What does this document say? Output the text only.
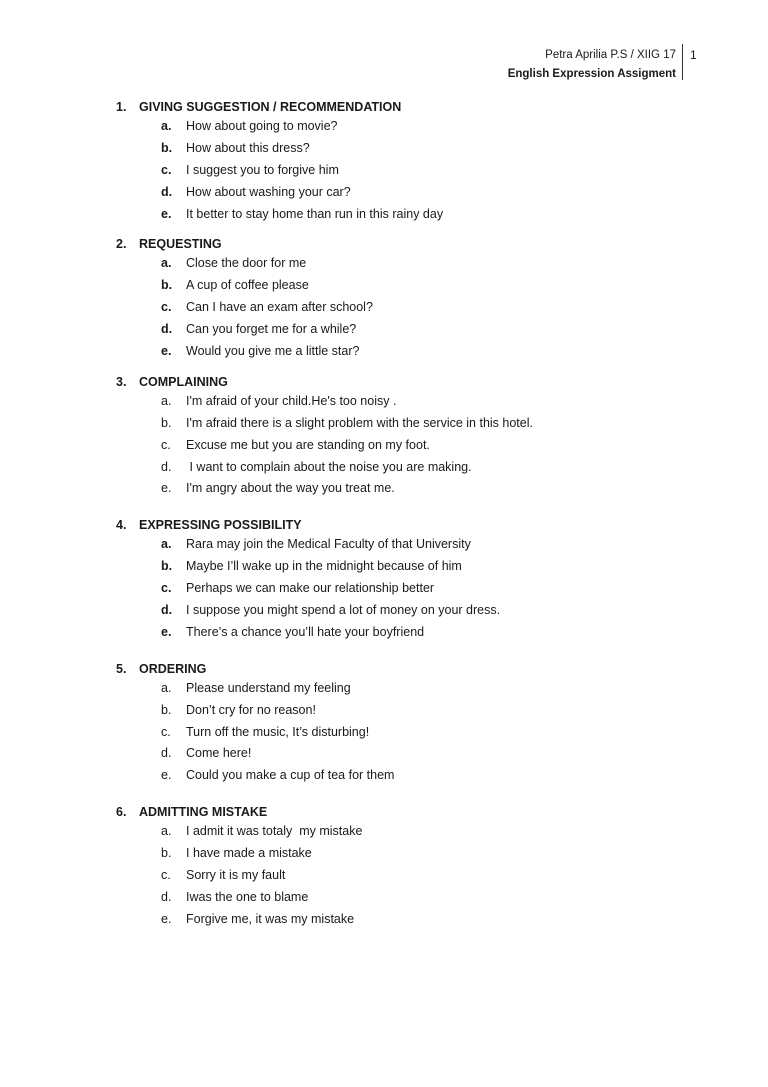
Petra Aprilia P.S / XIIG 17
English Expression Assigment
1
1.	GIVING SUGGESTION / RECOMMENDATION
a.	How about going to movie?
b.	How about this dress?
c.	I suggest you to forgive him
d.	How about washing your car?
e.	It better to stay home than run in this rainy day
2.	REQUESTING
a.	Close the door for me
b.	A cup of coffee please
c.	Can I have an exam after school?
d.	Can you forget me for a while?
e.	Would you give me a little star?
3.	COMPLAINING
a.	I'm afraid of your child.He's too noisy .
b.	I'm afraid there is a slight problem with the service in this hotel.
c.	Excuse me but you are standing on my foot.
d.	I want to complain about the noise you are making.
e.	I'm angry about the way you treat me.
4.	EXPRESSING POSSIBILITY
a.	Rara may join the Medical Faculty of that University
b.	Maybe I’ll wake up in the midnight because of him
c.	Perhaps we can make our relationship better
d.	I suppose you might spend a lot of money on your dress.
e.	There’s a chance you’ll hate your boyfriend
5.	ORDERING
a.	Please understand my feeling
b.	Don’t cry for no reason!
c.	Turn off the music, It’s disturbing!
d.	Come here!
e.	Could you make a cup of tea for them
6.	ADMITTING MISTAKE
a.	I admit it was totaly  my mistake
b.	I have made a mistake
c.	Sorry it is my fault
d.	Iwas the one to blame
e.	Forgive me, it was my mistake
